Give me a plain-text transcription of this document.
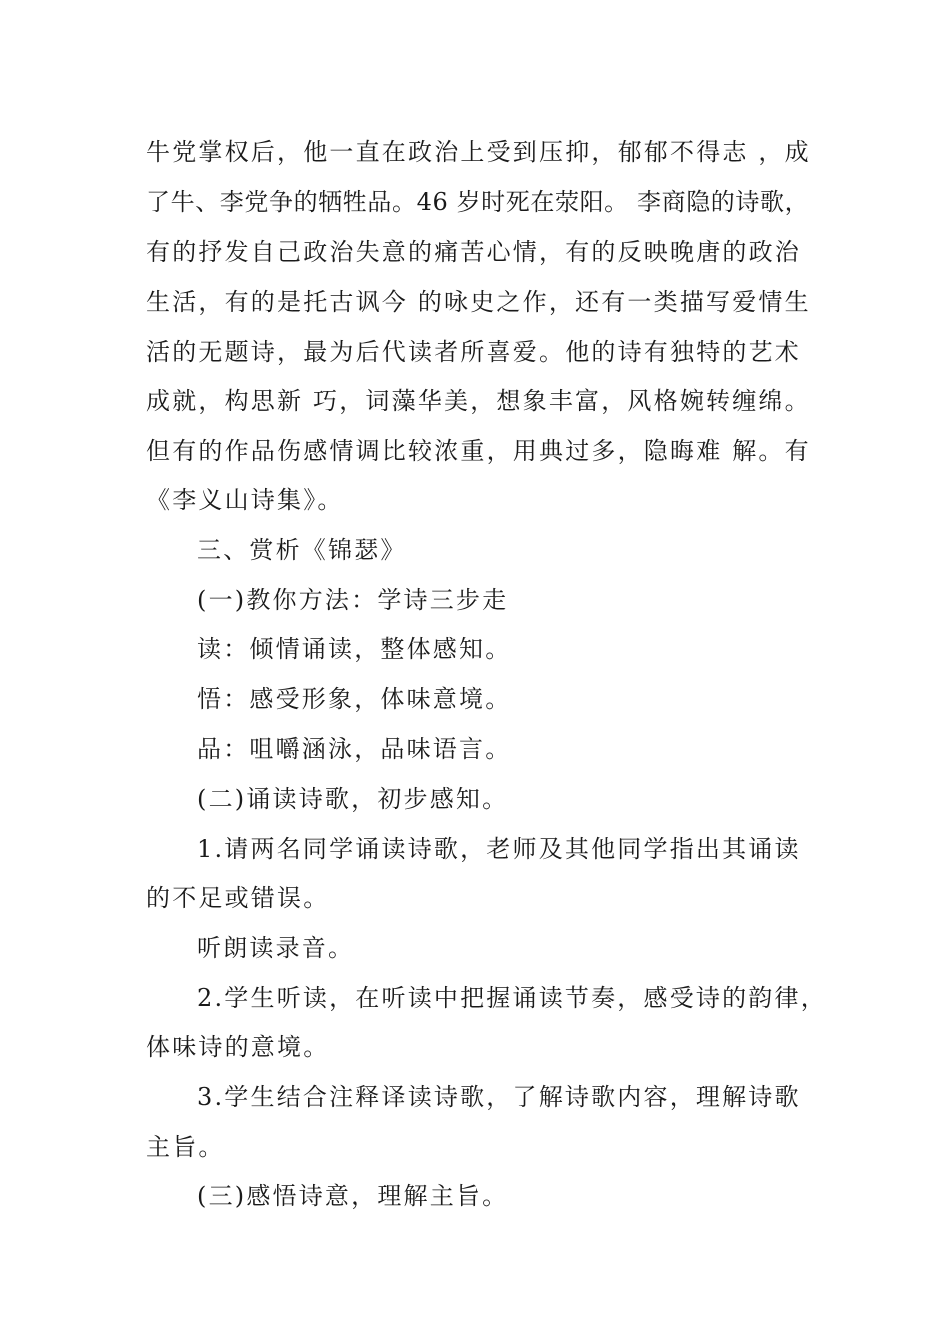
牛党掌权后，他一直在政治上受到压抑，郁郁不得志 ，成
了牛、李党争的牺牲品。46 岁时死在荥阳。 李商隐的诗歌，
有的抒发自己政治失意的痛苦心情，有的反映晚唐的政治
生活，有的是托古讽今 的咏史之作，还有一类描写爱情生
活的无题诗，最为后代读者所喜爱。他的诗有独特的艺术
成就，构思新 巧，词藻华美，想象丰富，风格婉转缠绵。
但有的作品伤感情调比较浓重，用典过多，隐晦难 解。有
《李义山诗集》。
三、赏析《锦瑟》
(一)教你方法：学诗三步走
读：倾情诵读，整体感知。
悟：感受形象，体味意境。
品：咀嚼涵泳，品味语言。
(二)诵读诗歌，初步感知。
1.请两名同学诵读诗歌，老师及其他同学指出其诵读
的不足或错误。
听朗读录音。
2.学生听读，在听读中把握诵读节奏，感受诗的韵律，
体味诗的意境。
3.学生结合注释译读诗歌，了解诗歌内容，理解诗歌
主旨。
(三)感悟诗意，理解主旨。
